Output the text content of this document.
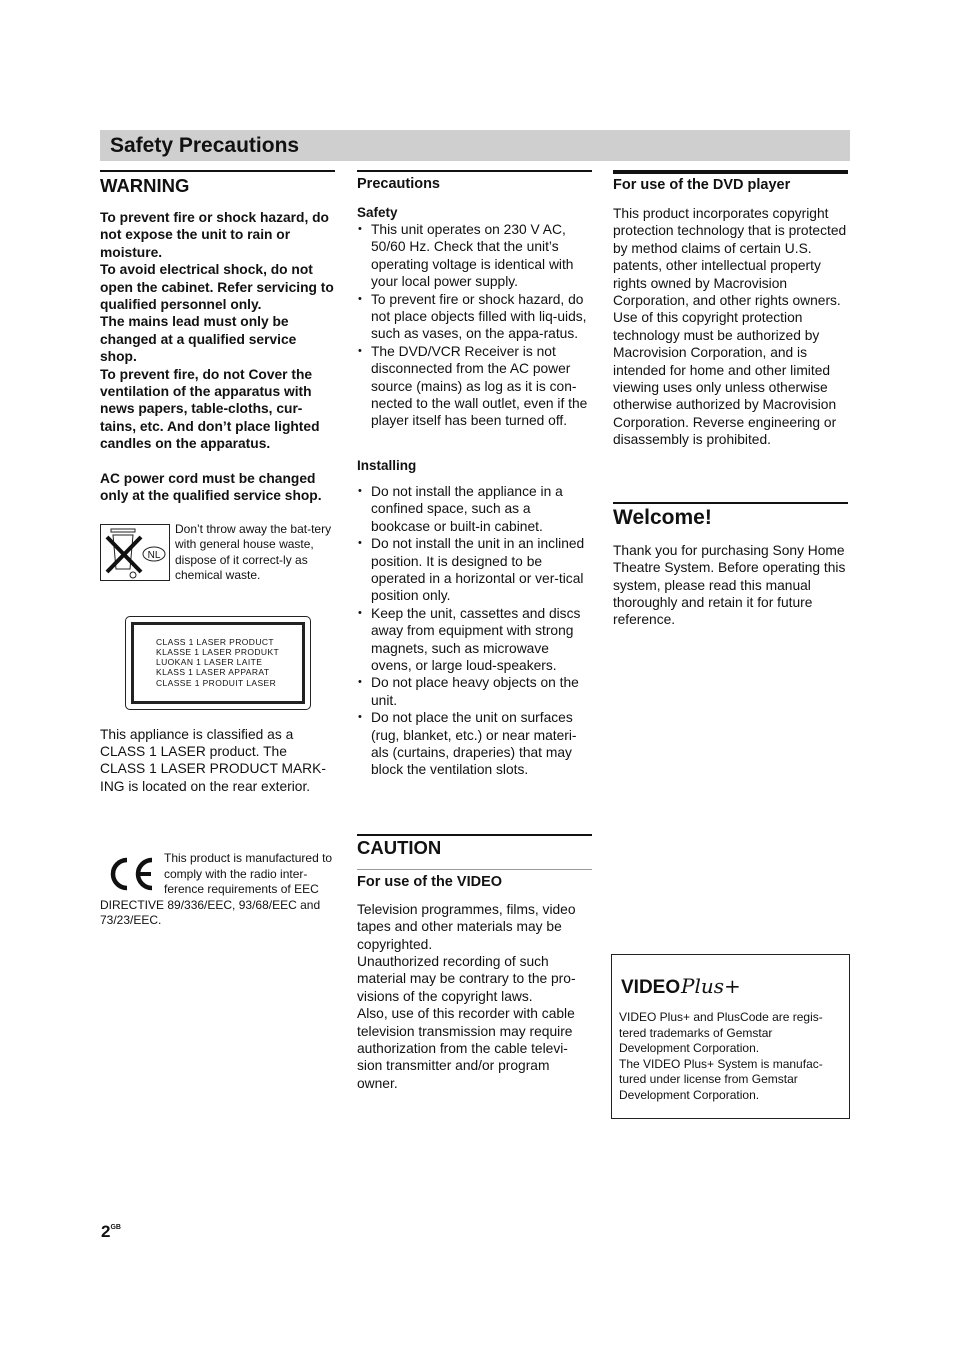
Safety Precautions
WARNING

To prevent fire or shock hazard, do not expose the unit to rain or moisture.

To avoid electrical shock, do not open the cabinet. Refer servicing to qualified personnel only.

The mains lead must only be changed at a qualified service shop.

To prevent fire, do not Cover the ventilation of the apparatus with news papers, table-cloths, cur-tains, etc. And don’t place lighted candles on the apparatus.

AC power cord must be changed only at the qualified service shop.

NL
Don’t throw away the bat-tery with general house waste, dispose of it correct-ly as chemical waste.

CLASS 1 LASER PRODUCT

KLASSE 1 LASER PRODUKT

LUOKAN 1 LASER LAITE

KLASS 1 LASER APPARAT

CLASSE 1 PRODUIT LASER

This appliance is classified as a CLASS 1 LASER product. The CLASS 1 LASER PRODUCT MARK-ING is located on the rear exterior.

This product is manufactured to comply with the radio inter-ference requirements of EEC DIRECTIVE 89/336/EEC, 93/68/EEC and 73/23/EEC.
Precautions
Safety
• This unit operates on 230 V AC, 50/60 Hz. Check that the unit’s operating voltage is identical with your local power supply.
• To prevent fire or shock hazard, do not place objects filled with liq-uids, such as vases, on the appa-ratus.
• The DVD/VCR Receiver is not disconnected from the AC power source (mains) as log as it is con-nected to the wall outlet, even if the player itself has been turned off.
Installing
• Do not install the appliance in a confined space, such as a bookcase or built-in cabinet.
• Do not install the unit in an inclined position. It is designed to be operated in a horizontal or ver-tical position only.
• Keep the unit, cassettes and discs away from equipment with strong magnets, such as microwave ovens, or large loud-speakers.
• Do not place heavy objects on the unit.
• Do not place the unit on surfaces (rug, blanket, etc.) or near materi-als (curtains, draperies) that may block the ventilation slots.
CAUTION
For use of the VIDEO

Television programmes, films, video tapes and other materials may be copyrighted.

Unauthorized recording of such material may be contrary to the pro-visions of the copyright laws.

Also, use of this recorder with cable television transmission may require authorization from the cable televi-sion transmitter and/or program owner.

For use of the DVD player

This product incorporates copyright protection technology that is protected by method claims of certain U.S. patents, other intellectual property rights owned by Macrovision Corporation, and other rights owners. Use of this copyright protection technology must be authorized by Macrovision Corporation, and is intended for home and other limited viewing uses only unless otherwise otherwise authorized by Macrovision Corporation. Reverse engineering or disassembly is prohibited.

Welcome!

Thank you for purchasing Sony Home Theatre System. Before operating this system, please read this manual thoroughly and retain it for future reference.

VIDEO Plus+

VIDEO Plus+ and PlusCode are regis-tered trademarks of Gemstar Development Corporation.

The VIDEO Plus+ System is manufac-tured under license from Gemstar Development Corporation.

$2^{GB}$
